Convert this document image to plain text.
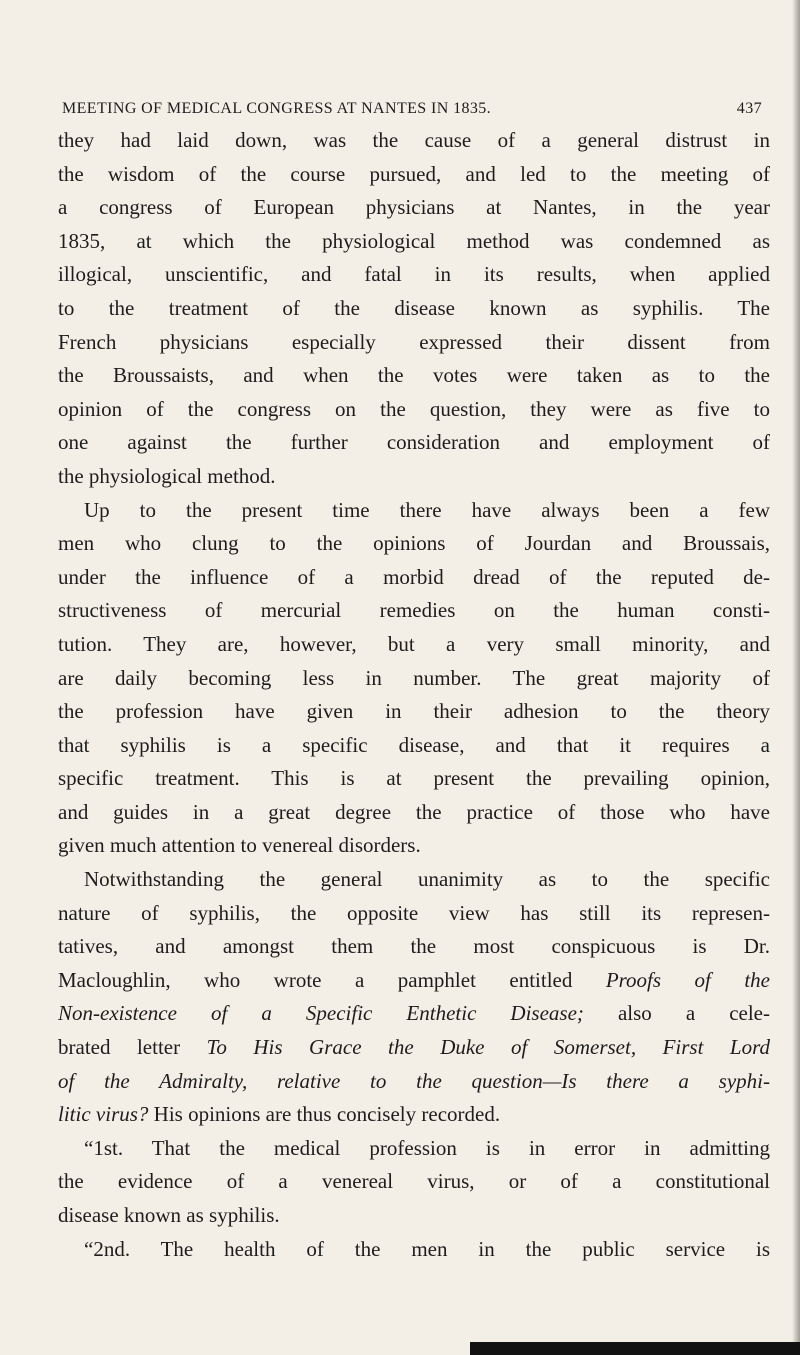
MEETING OF MEDICAL CONGRESS AT NANTES IN 1835.	437
they had laid down, was the cause of a general distrust in
the wisdom of the course pursued, and led to the meeting of
a congress of European physicians at Nantes, in the year
1835, at which the physiological method was condemned as
illogical, unscientific, and fatal in its results, when applied
to the treatment of the disease known as syphilis. The
French physicians especially expressed their dissent from
the Broussaists, and when the votes were taken as to the
opinion of the congress on the question, they were as five to
one against the further consideration and employment of
the physiological method.
Up to the present time there have always been a few
men who clung to the opinions of Jourdan and Broussais,
under the influence of a morbid dread of the reputed de-
structiveness of mercurial remedies on the human consti-
tution. They are, however, but a very small minority, and
are daily becoming less in number. The great majority of
the profession have given in their adhesion to the theory
that syphilis is a specific disease, and that it requires a
specific treatment. This is at present the prevailing opinion,
and guides in a great degree the practice of those who have
given much attention to venereal disorders.
Notwithstanding the general unanimity as to the specific
nature of syphilis, the opposite view has still its represen-
tatives, and amongst them the most conspicuous is Dr.
Macloughlin, who wrote a pamphlet entitled Proofs of the
Non-existence of a Specific Enthetic Disease; also a cele-
brated letter To His Grace the Duke of Somerset, First Lord
of the Admiralty, relative to the question—Is there a syphi-
litic virus? His opinions are thus concisely recorded.
“1st. That the medical profession is in error in admitting
the evidence of a venereal virus, or of a constitutional
disease known as syphilis.
“2nd. The health of the men in the public service is
